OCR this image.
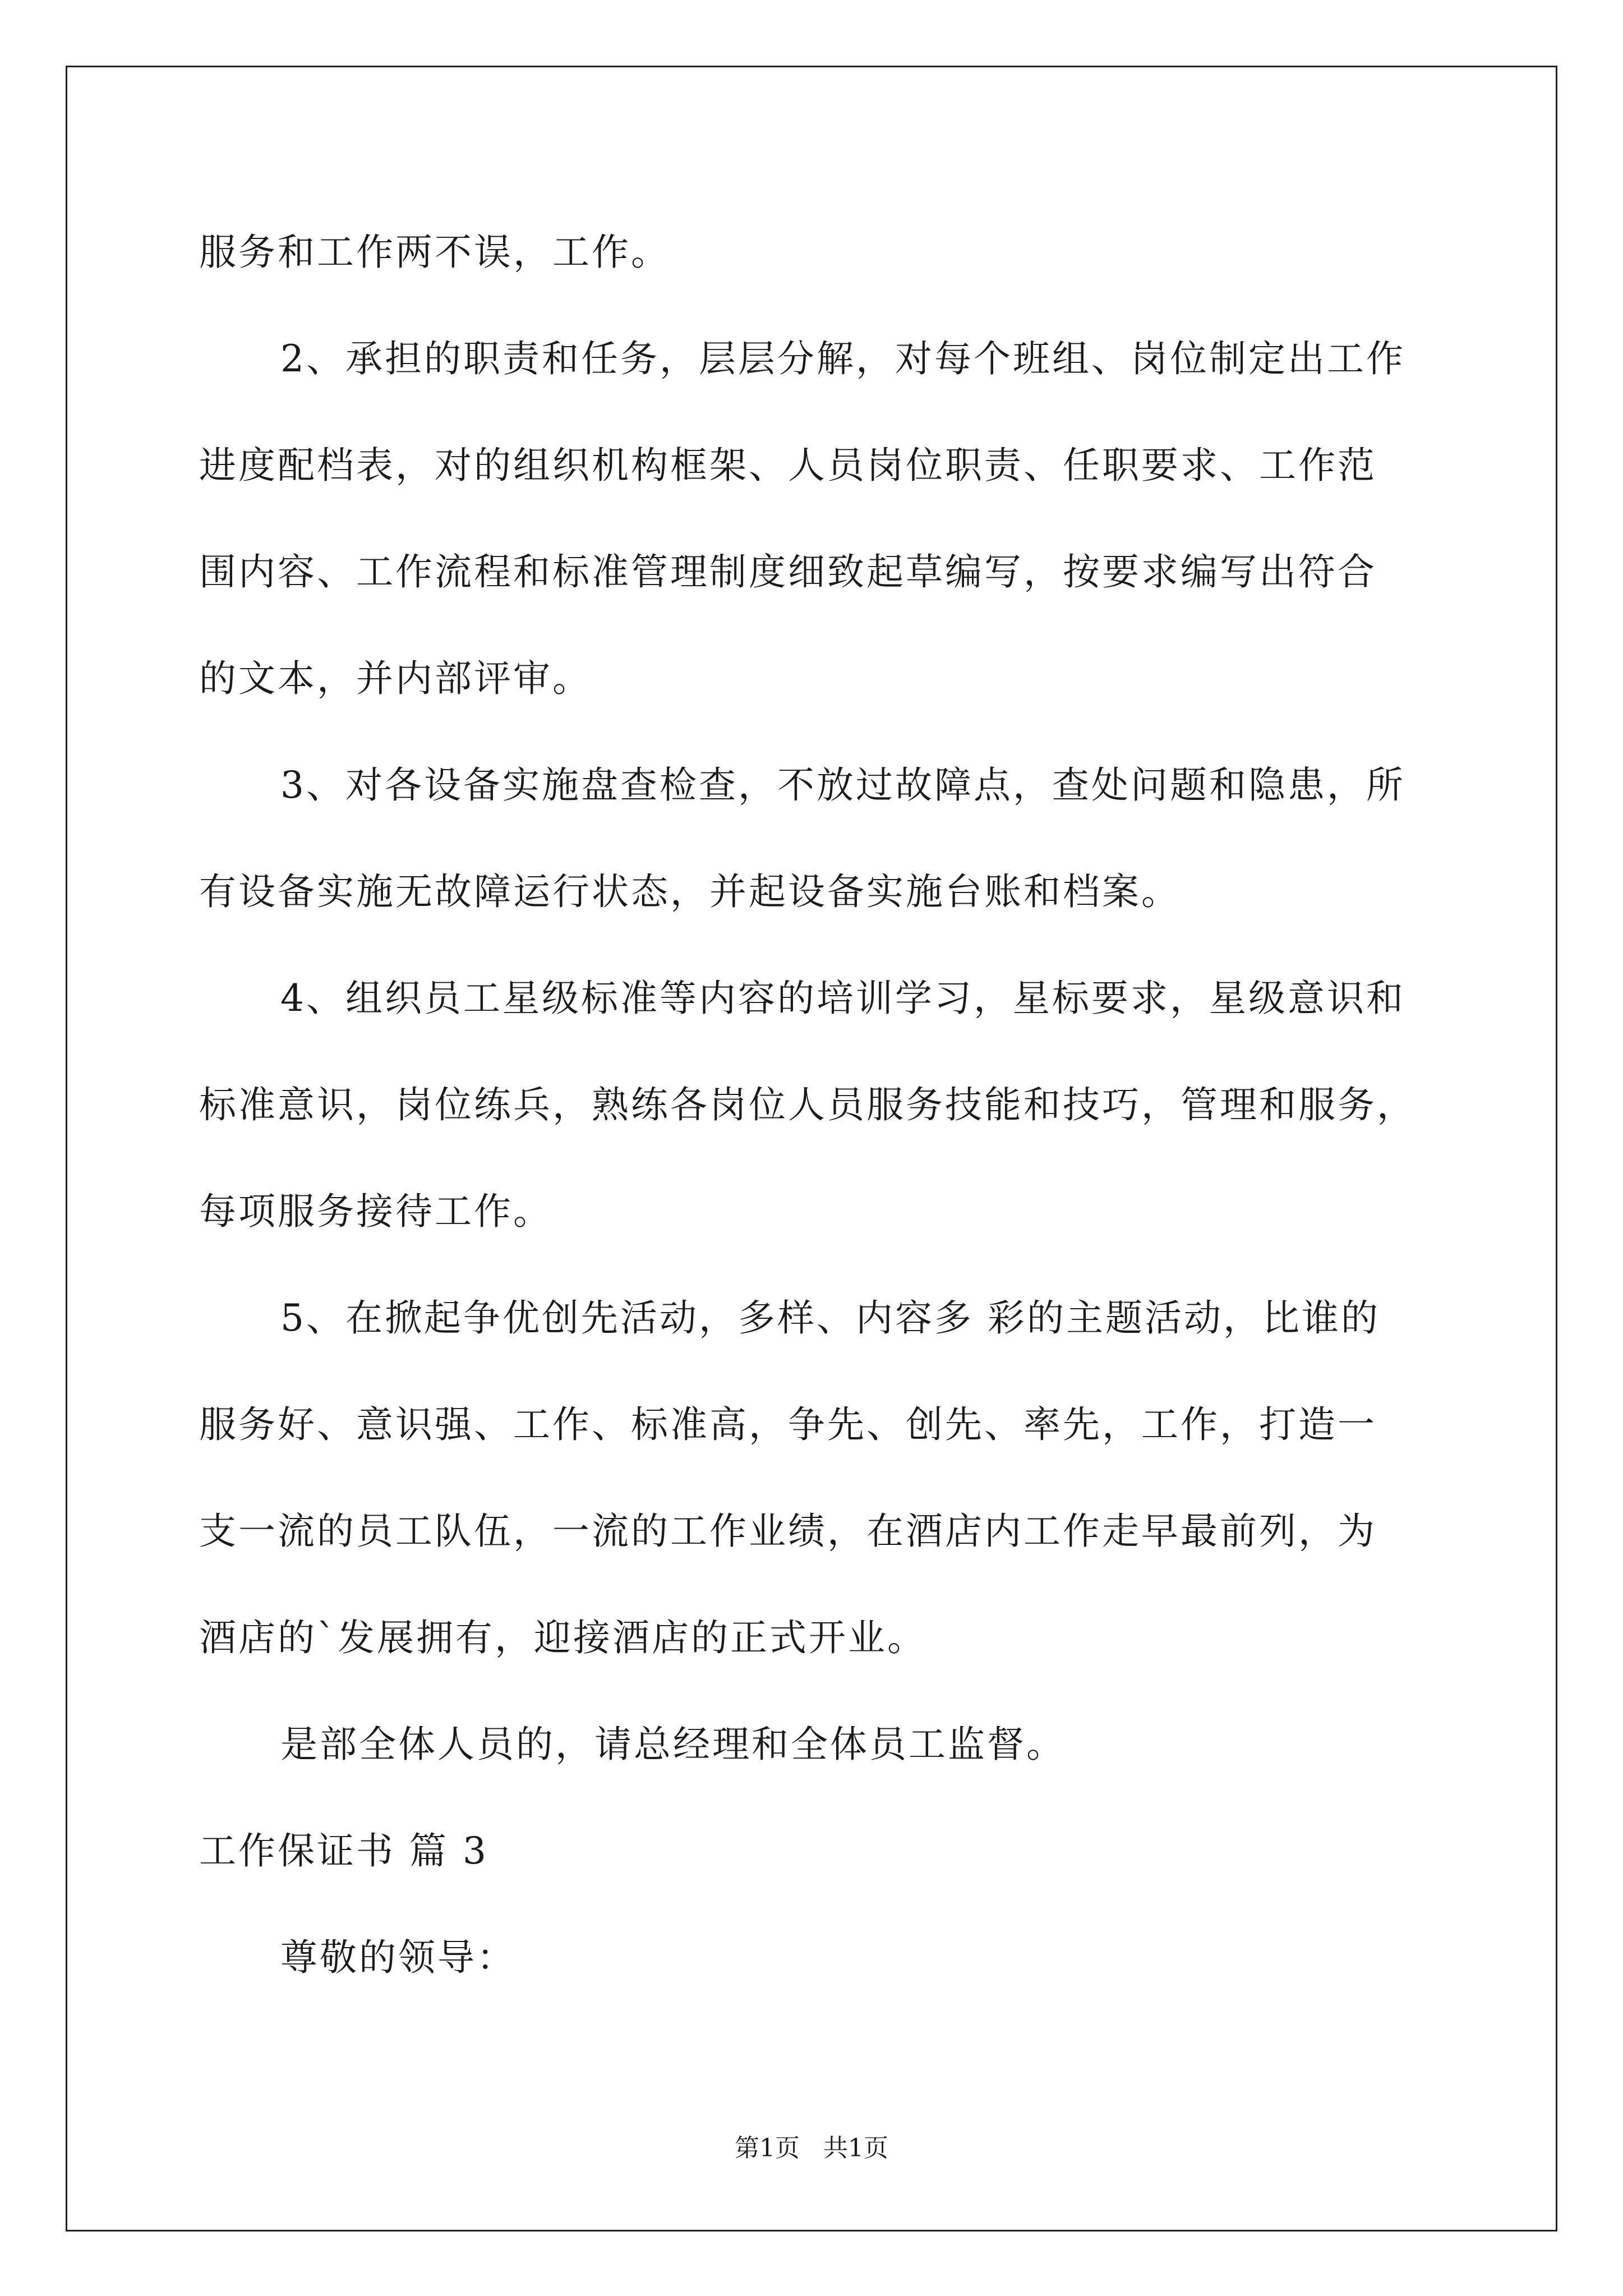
服务和工作两不误，工作。
2、承担的职责和任务，层层分解，对每个班组、岗位制定出工作
进度配档表，对的组织机构框架、人员岗位职责、任职要求、工作范
围内容、工作流程和标准管理制度细致起草编写，按要求编写出符合
的文本，并内部评审。
3、对各设备实施盘查检查，不放过故障点，查处问题和隐患，所
有设备实施无故障运行状态，并起设备实施台账和档案。
4、组织员工星级标准等内容的培训学习，星标要求，星级意识和
标准意识，岗位练兵，熟练各岗位人员服务技能和技巧，管理和服务，
每项服务接待工作。
5、在掀起争优创先活动，多样、内容多 彩的主题活动，比谁的
服务好、意识强、工作、标准高，争先、创先、率先，工作，打造一
支一流的员工队伍，一流的工作业绩，在酒店内工作走早最前列，为
酒店的`发展拥有，迎接酒店的正式开业。
是部全体人员的，请总经理和全体员工监督。
工作保证书 篇 3
尊敬的领导：
第1页   共1页
